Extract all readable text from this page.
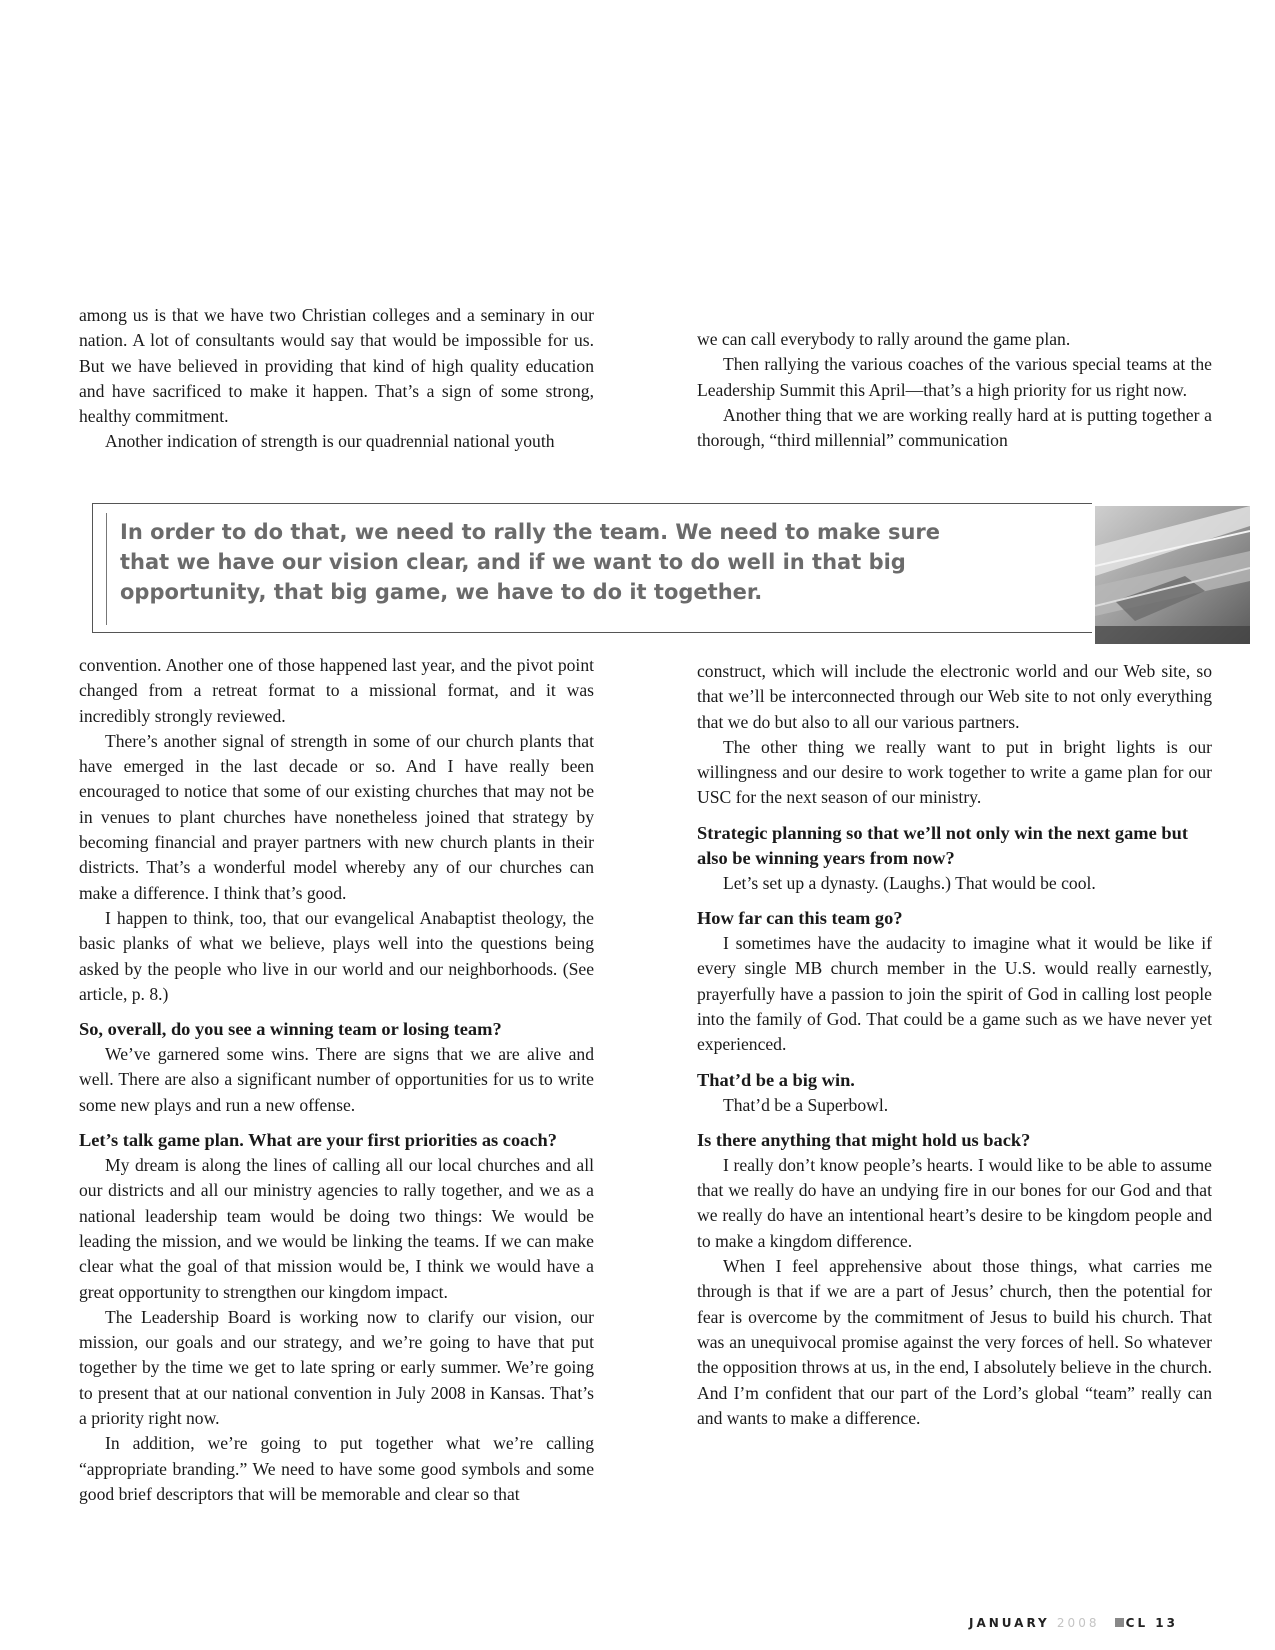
among us is that we have two Christian colleges and a seminary in our nation. A lot of consultants would say that would be impossible for us. But we have believed in providing that kind of high quality education and have sacrificed to make it happen. That’s a sign of some strong, healthy commitment.

Another indication of strength is our quadrennial national youth

we can call everybody to rally around the game plan.

Then rallying the various coaches of the various special teams at the Leadership Summit this April—that’s a high priority for us right now.

Another thing that we are working really hard at is putting together a thorough, “third millennial” communication

In order to do that, we need to rally the team. We need to make sure that we have our vision clear, and if we want to do well in that big opportunity, that big game, we have to do it together.

convention. Another one of those happened last year, and the pivot point changed from a retreat format to a missional format, and it was incredibly strongly reviewed.

There’s another signal of strength in some of our church plants that have emerged in the last decade or so. And I have really been encouraged to notice that some of our existing churches that may not be in venues to plant churches have nonetheless joined that strategy by becoming financial and prayer partners with new church plants in their districts. That’s a wonderful model whereby any of our churches can make a difference. I think that’s good.

I happen to think, too, that our evangelical Anabaptist theology, the basic planks of what we believe, plays well into the questions being asked by the people who live in our world and our neighborhoods. (See article, p. 8.)

So, overall, do you see a winning team or losing team?

We’ve garnered some wins. There are signs that we are alive and well. There are also a significant number of opportunities for us to write some new plays and run a new offense.

Let’s talk game plan. What are your first priorities as coach?

My dream is along the lines of calling all our local churches and all our districts and all our ministry agencies to rally together, and we as a national leadership team would be doing two things: We would be leading the mission, and we would be linking the teams. If we can make clear what the goal of that mission would be, I think we would have a great opportunity to strengthen our kingdom impact.

The Leadership Board is working now to clarify our vision, our mission, our goals and our strategy, and we’re going to have that put together by the time we get to late spring or early summer. We’re going to present that at our national convention in July 2008 in Kansas. That’s a priority right now.

In addition, we’re going to put together what we’re calling “appropriate branding.” We need to have some good symbols and some good brief descriptors that will be memorable and clear so that

construct, which will include the electronic world and our Web site, so that we’ll be interconnected through our Web site to not only everything that we do but also to all our various partners.

The other thing we really want to put in bright lights is our willingness and our desire to work together to write a game plan for our USC for the next season of our ministry.

Strategic planning so that we’ll not only win the next game but also be winning years from now?

Let’s set up a dynasty. (Laughs.) That would be cool.

How far can this team go?

I sometimes have the audacity to imagine what it would be like if every single MB church member in the U.S. would really earnestly, prayerfully have a passion to join the spirit of God in calling lost people into the family of God. That could be a game such as we have never yet experienced.

That’d be a big win.

That’d be a Superbowl.

Is there anything that might hold us back?

I really don’t know people’s hearts. I would like to be able to assume that we really do have an undying fire in our bones for our God and that we really do have an intentional heart’s desire to be kingdom people and to make a kingdom difference.

When I feel apprehensive about those things, what carries me through is that if we are a part of Jesus’ church, then the potential for fear is overcome by the commitment of Jesus to build his church. That was an unequivocal promise against the very forces of hell. So whatever the opposition throws at us, in the end, I absolutely believe in the church. And I’m confident that our part of the Lord’s global “team” really can and wants to make a difference.

JANUARY 2008 CL 13
